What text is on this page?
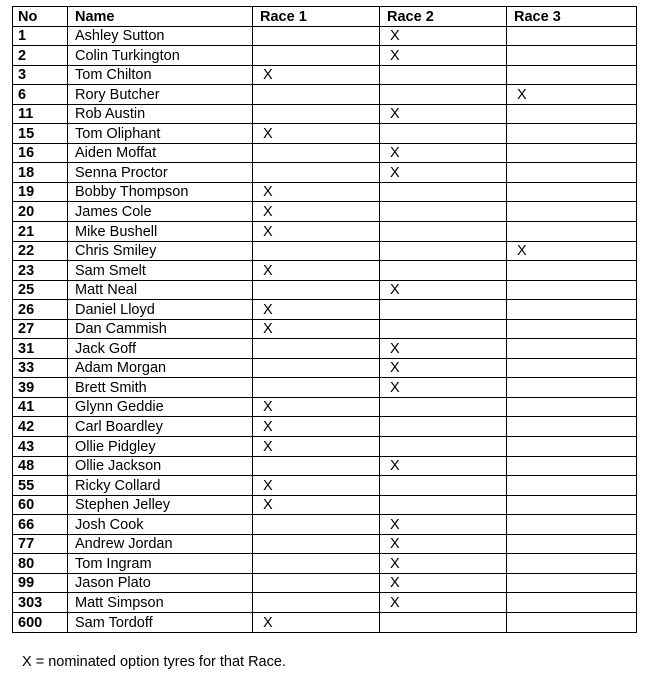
No	Name	Race 1	Race 2	Race 3
1	Ashley Sutton		X	
2	Colin Turkington		X	
3	Tom Chilton	X		
6	Rory Butcher			X
11	Rob Austin		X	
15	Tom Oliphant	X		
16	Aiden Moffat		X	
18	Senna Proctor		X	
19	Bobby Thompson	X		
20	James Cole	X		
21	Mike Bushell	X		
22	Chris Smiley			X
23	Sam Smelt	X		
25	Matt Neal		X	
26	Daniel Lloyd	X		
27	Dan Cammish	X		
31	Jack Goff		X	
33	Adam Morgan		X	
39	Brett Smith		X	
41	Glynn Geddie	X		
42	Carl Boardley	X		
43	Ollie Pidgley	X		
48	Ollie Jackson		X	
55	Ricky Collard	X		
60	Stephen Jelley	X		
66	Josh Cook		X	
77	Andrew Jordan		X	
80	Tom Ingram		X	
99	Jason Plato		X	
303	Matt Simpson		X	
600	Sam Tordoff	X		
X = nominated option tyres for that Race.
